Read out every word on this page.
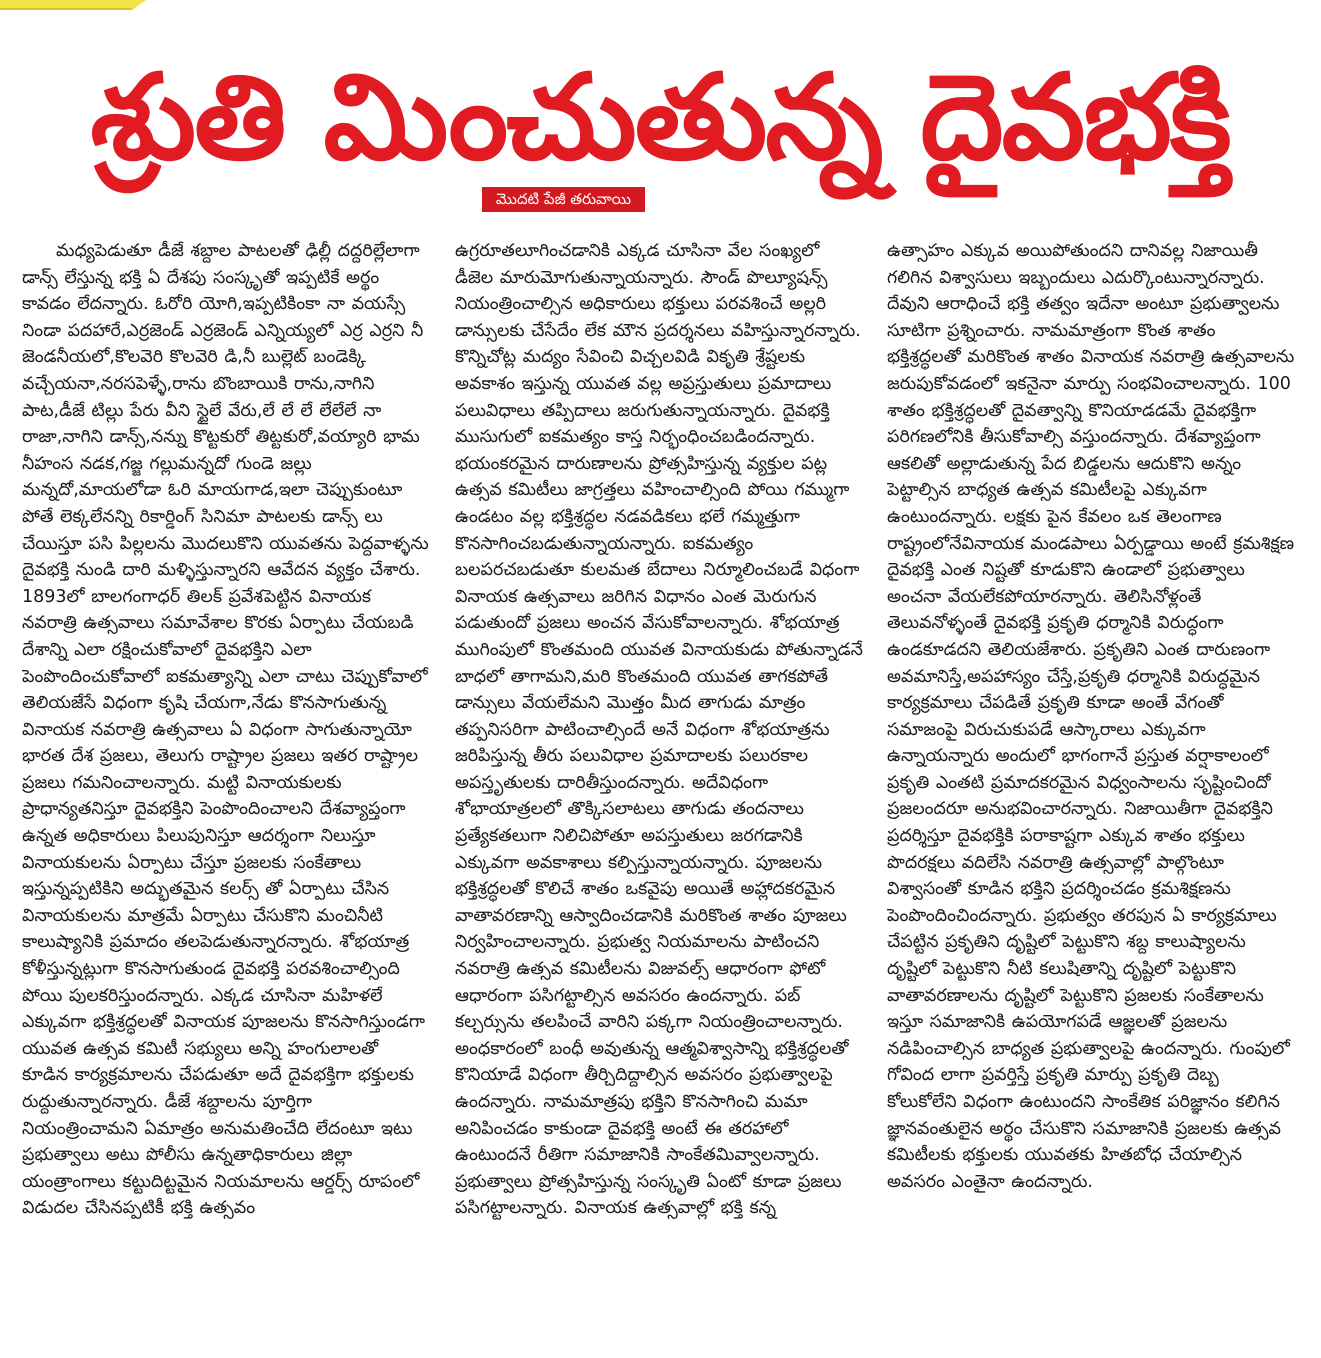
శ్రుతి మించుతున్న దైవభక్తి
మొదటి పేజీ తరువాయి

మధ్యపెడుతూ డీజే శబ్దాల పాటలతో ఢిల్లీ దద్దరిల్లేలాగా డాన్స్ లేస్తున్న భక్తి ఏ దేశపు సంస్కృతో ఇప్పటికే అర్థం కావడం లేదన్నారు. ఓరోరి యోగి,ఇప్పటికింకా నా వయస్సే నిండా పదహారే,ఎర్రజెండ్ ఎర్రజెండ్ ఎన్నియ్యలో ఎర్ర ఎర్రని నీ జెండనీయలో,కొలవెరి కొలవెరి డి,నీ బుల్లెట్ బండెక్కి వచ్చేయనా,నరసపెళ్ళే,రాను బొంబాయికి రాను,నాగిని పాట,డీజే టిల్లు పేరు వీని స్టైలే వేరు,లే లే లే లేలేలే నా రాజా,నాగిని డాన్స్,నన్ను కొట్టకురో తిట్టకురో,వయ్యారి భామ నీహంస నడక,గజ్జ గల్లుమన్నదో గుండె జల్లు మన్నదో,మాయలోడా ఓరి మాయగాడ,ఇలా చెప్పుకుంటూ పోతే లెక్కలేనన్ని రికార్డింగ్ సినిమా పాటలకు డాన్స్ లు చేయిస్తూ పసి పిల్లలను మొదలుకొని యువతను పెద్దవాళ్ళను దైవభక్తి నుండి దారి మళ్ళిస్తున్నారని ఆవేదన వ్యక్తం చేశారు. 1893లో బాలగంగాధర్ తిలక్ ప్రవేశపెట్టిన వినాయక నవరాత్రి ఉత్సవాలు సమావేశాల కొరకు ఏర్పాటు చేయబడి దేశాన్ని ఎలా రక్షించుకోవాలో దైవభక్తిని ఎలా పెంపొందించుకోవాలో ఐకమత్యాన్ని ఎలా చాటు చెప్పుకోవాలో తెలియజేసే విధంగా కృషి చేయగా,నేడు కొనసాగుతున్న వినాయక నవరాత్రి ఉత్సవాలు ఏ విధంగా సాగుతున్నాయో భారత దేశ ప్రజలు, తెలుగు రాష్ట్రాల ప్రజలు ఇతర రాష్ట్రాల ప్రజలు గమనించాలన్నారు. మట్టి వినాయకులకు ప్రాధాన్యతనిస్తూ దైవభక్తిని పెంపొందించాలని దేశవ్యాప్తంగా ఉన్నత అధికారులు పిలుపునిస్తూ ఆదర్శంగా నిలుస్తూ వినాయకులను ఏర్పాటు చేస్తూ ప్రజలకు సంకేతాలు ఇస్తున్నప్పటికిని అద్భుతమైన కలర్స్ తో ఏర్పాటు చేసిన వినాయకులను మాత్రమే ఏర్పాటు చేసుకొని మంచినీటి కాలుష్యానికి ప్రమాదం తలపెడుతున్నారన్నారు. శోభయాత్ర కోళీస్తున్నట్లుగా కొనసాగుతుండ దైవభక్తి పరవశించాల్సింది పోయి పులకరిస్తుందన్నారు. ఎక్కడ చూసినా మహిళలే ఎక్కువగా భక్తిశ్రద్ధలతో వినాయక పూజలను కొనసాగిస్తుండగా యువత ఉత్సవ కమిటీ సభ్యులు అన్ని హంగులాలతో కూడిన కార్యక్రమాలను చేపడుతూ అదే దైవభక్తిగా భక్తులకు రుద్దుతున్నారన్నారు. డీజే శబ్దాలను పూర్తిగా నియంత్రించామని ఏమాత్రం అనుమతించేది లేదంటూ ఇటు ప్రభుత్వాలు అటు పోలీసు ఉన్నతాధికారులు జిల్లా యంత్రాంగాలు కట్టుదిట్టమైన నియమాలను ఆర్డర్స్ రూపంలో విడుదల చేసినప్పటికీ భక్తి ఉత్సవం

ఉగ్రరూతలూగించడానికి ఎక్కడ చూసినా వేల సంఖ్యలో డీజెల మారుమోగుతున్నాయన్నారు. సౌండ్ పొల్యూషన్స్ నియంత్రించాల్సిన అధికారులు భక్తులు పరవశించే అల్లరి డాన్సులకు చేసేదేం లేక మౌన ప్రదర్శనలు వహిస్తున్నారన్నారు. కొన్నిచోట్ల మద్యం సేవించి విచ్చలవిడి వికృతి శ్రేష్టలకు అవకాశం ఇస్తున్న యువత వల్ల అప్రస్తుతులు ప్రమాదాలు పలువిధాలు తప్పిదాలు జరుగుతున్నాయన్నారు. దైవభక్తి ముసుగులో ఐకమత్యం కాస్త నిర్భంధించబడిందన్నారు. భయంకరమైన దారుణాలను ప్రోత్సహిస్తున్న వ్యక్తుల పట్ల ఉత్సవ కమిటీలు జాగ్రత్తలు వహించాల్సింది పోయి గమ్ముగా ఉండటం వల్ల భక్తిశ్రద్ధల నడవడికలు భలే గమ్మత్తుగా కొనసాగించబడుతున్నాయన్నారు. ఐకమత్యం బలపరచబడుతూ కులమత బేదాలు నిర్మూలించబడే విధంగా వినాయక ఉత్సవాలు జరిగిన విధానం ఎంత మెరుగున పడుతుందో ప్రజలు అంచన వేసుకోవాలన్నారు. శోభయాత్ర ముగింపులో కొంతమంది యువత వినాయకుడు పోతున్నాడనే బాధలో తాగామని,మరి కొంతమంది యువత తాగకపోతే డాన్సులు వేయలేమని మొత్తం మీద తాగుడు మాత్రం తప్పనిసరిగా పాటించాల్సిందే అనే విధంగా శోభయాత్రను జరిపిస్తున్న తీరు పలువిధాల ప్రమాదాలకు పలురకాల అపస్తృతులకు దారితీస్తుందన్నారు. అదేవిధంగా శోభాయాత్రలలో తొక్కిసలాటలు తాగుడు తందనాలు ప్రత్యేకతలుగా నిలిచిపోతూ అపస్తుతులు జరగడానికి ఎక్కువగా అవకాశాలు కల్పిస్తున్నాయన్నారు. పూజలను భక్తిశ్రద్ధలతో కొలిచే శాతం ఒకవైపు అయితే అహ్లాదకరమైన వాతావరణాన్ని ఆస్వాదించడానికి మరికొంత శాతం పూజలు నిర్వహించాలన్నారు. ప్రభుత్వ నియమాలను పాటించని నవరాత్రి ఉత్సవ కమిటీలను విజువల్స్ ఆధారంగా ఫోటో ఆధారంగా పసిగట్టాల్సిన అవసరం ఉందన్నారు. పబ్ కల్చర్సును తలపించే వారిని పక్కగా నియంత్రించాలన్నారు. అంధకారంలో బంధీ అవుతున్న ఆత్మవిశ్వాసాన్ని భక్తిశ్రద్ధలతో కొనియాడే విధంగా తీర్చిదిద్దాల్సిన అవసరం ప్రభుత్వాలపై ఉందన్నారు. నామమాత్రపు భక్తిని కొనసాగించి మమా అనిపించడం కాకుండా దైవభక్తి అంటే ఈ తరహాలో ఉంటుందనే రీతిగా సమాజానికి సాంకేతమివ్వాలన్నారు. ప్రభుత్వాలు ప్రోత్సహిస్తున్న సంస్కృతి ఏంటో కూడా ప్రజలు పసిగట్టాలన్నారు. వినాయక ఉత్సవాల్లో భక్తి కన్న

ఉత్సాహం ఎక్కువ అయిపోతుందని దానివల్ల నిజాయితీ గలిగిన విశ్వాసులు ఇబ్బందులు ఎదుర్కొంటున్నారన్నారు. దేవుని ఆరాధించే భక్తి తత్వం ఇదేనా అంటూ ప్రభుత్వాలను సూటిగా ప్రశ్నించారు. నామమాత్రంగా కొంత శాతం భక్తిశ్రద్ధలతో మరికొంత శాతం వినాయక నవరాత్రి ఉత్సవాలను జరుపుకోవడంలో ఇకనైనా మార్పు సంభవించాలన్నారు. 100 శాతం భక్తిశ్రద్ధలతో దైవత్వాన్ని కొనియాడడమే దైవభక్తిగా పరిగణలోనికి తీసుకోవాల్సి వస్తుందన్నారు. దేశవ్యాప్తంగా ఆకలితో అల్లాడుతున్న పేద బిడ్డలను ఆదుకొని అన్నం పెట్టాల్సిన బాధ్యత ఉత్సవ కమిటీలపై ఎక్కువగా ఉంటుందన్నారు. లక్షకు పైన కేవలం ఒక తెలంగాణ రాష్ట్రంలోనేవినాయక మండపాలు ఏర్పడ్డాయి అంటే క్రమశిక్షణ దైవభక్తి ఎంత నిష్టతో కూడుకొని ఉండాలో ప్రభుత్వాలు అంచనా వేయలేకపోయారన్నారు. తెలిసినోళ్లంతే తెలువనోళ్ళంతే దైవభక్తి ప్రకృతి ధర్మానికి విరుద్ధంగా ఉండకూడదని తెలియజేశారు. ప్రకృతిని ఎంత దారుణంగా అవమానిస్తే,అపహాస్యం చేస్తే,ప్రకృతి ధర్మానికి విరుద్ధమైన కార్యక్రమాలు చేపడితే ప్రకృతి కూడా అంతే వేగంతో సమాజంపై విరుచుకుపడే ఆస్కారాలు ఎక్కువగా ఉన్నాయన్నారు అందులో భాగంగానే ప్రస్తుత వర్షాకాలంలో ప్రకృతి ఎంతటి ప్రమాదకరమైన విధ్వంసాలను సృష్టించిందో ప్రజలందరూ అనుభవించారన్నారు. నిజాయితీగా దైవభక్తిని ప్రదర్శిస్తూ దైవభక్తికి పరాకాష్టగా ఎక్కువ శాతం భక్తులు పొదరక్షలు వదిలేసి నవరాత్రి ఉత్సవాల్లో పాల్గొంటూ విశ్వాసంతో కూడిన భక్తిని ప్రదర్శించడం క్రమశిక్షణను పెంపొందించిందన్నారు. ప్రభుత్వం తరపున ఏ కార్యక్రమాలు చేపట్టిన ప్రకృతిని దృష్టిలో పెట్టుకొని శబ్ద కాలుష్యాలను దృష్టిలో పెట్టుకొని నీటి కలుషితాన్ని దృష్టిలో పెట్టుకొని వాతావరణాలను దృష్టిలో పెట్టుకొని ప్రజలకు సంకేతాలను ఇస్తూ సమాజానికి ఉపయోగపడే ఆజ్ఞలతో ప్రజలను నడిపించాల్సిన బాధ్యత ప్రభుత్వాలపై ఉందన్నారు. గుంపులో గోవింద లాగా ప్రవర్తిస్తే ప్రకృతి మార్పు ప్రకృతి దెబ్బ కోలుకోలేని విధంగా ఉంటుందని సాంకేతిక పరిజ్ఞానం కలిగిన జ్ఞానవంతులైన అర్థం చేసుకొని సమాజానికి ప్రజలకు ఉత్సవ కమిటీలకు భక్తులకు యువతకు హితబోధ చేయాల్సిన అవసరం ఎంతైనా ఉందన్నారు.
